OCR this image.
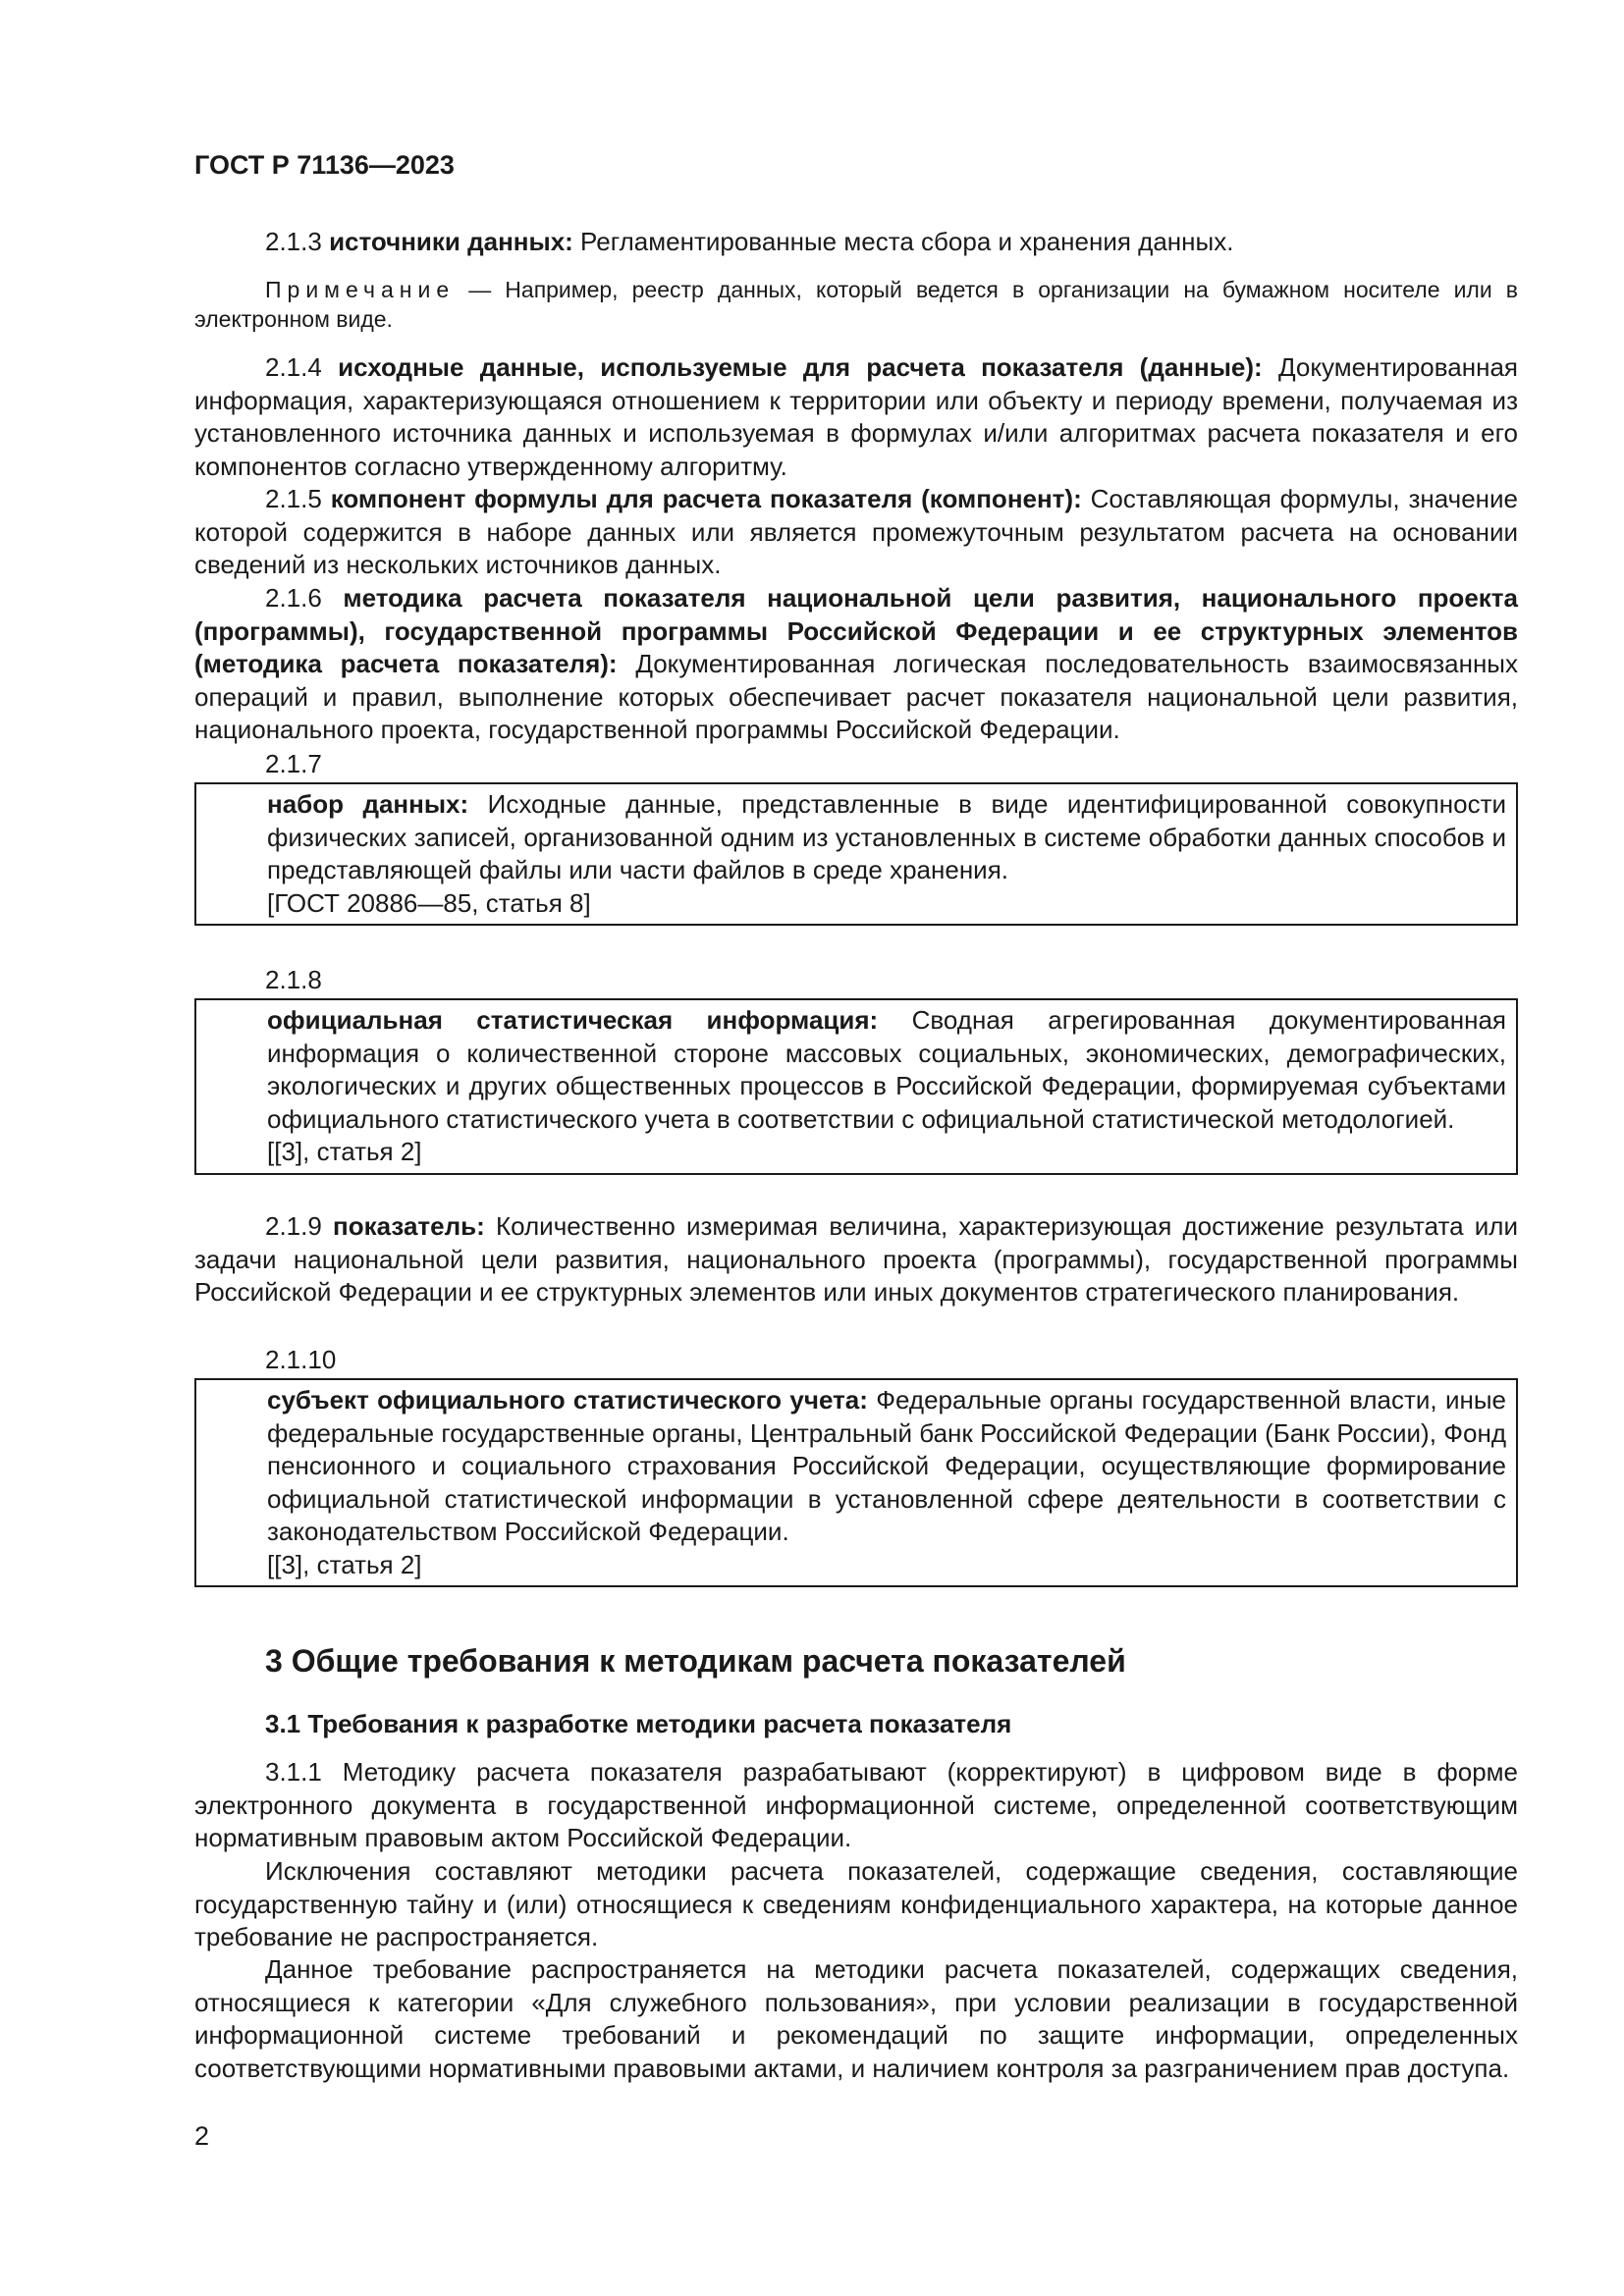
ГОСТ Р 71136—2023

2.1.3 источники данных: Регламентированные места сбора и хранения данных.

Примечание — Например, реестр данных, который ведется в организации на бумажном носителе или в электронном виде.

2.1.4 исходные данные, используемые для расчета показателя (данные): Документированная информация, характеризующаяся отношением к территории или объекту и периоду времени, получаемая из установленного источника данных и используемая в формулах и/или алгоритмах расчета показателя и его компонентов согласно утвержденному алгоритму.

2.1.5 компонент формулы для расчета показателя (компонент): Составляющая формулы, значение которой содержится в наборе данных или является промежуточным результатом расчета на основании сведений из нескольких источников данных.

2.1.6 методика расчета показателя национальной цели развития, национального проекта (программы), государственной программы Российской Федерации и ее структурных элементов (методика расчета показателя): Документированная логическая последовательность взаимосвязанных операций и правил, выполнение которых обеспечивает расчет показателя национальной цели развития, национального проекта, государственной программы Российской Федерации.

2.1.7

набор данных: Исходные данные, представленные в виде идентифицированной совокупности физических записей, организованной одним из установленных в системе обработки данных способов и представляющей файлы или части файлов в среде хранения.

[ГОСТ 20886—85, статья 8]

2.1.8

официальная статистическая информация: Сводная агрегированная документированная информация о количественной стороне массовых социальных, экономических, демографических, экологических и других общественных процессов в Российской Федерации, формируемая субъектами официального статистического учета в соответствии с официальной статистической методологией.

[[3], статья 2]

2.1.9 показатель: Количественно измеримая величина, характеризующая достижение результата или задачи национальной цели развития, национального проекта (программы), государственной программы Российской Федерации и ее структурных элементов или иных документов стратегического планирования.

2.1.10

субъект официального статистического учета: Федеральные органы государственной власти, иные федеральные государственные органы, Центральный банк Российской Федерации (Банк России), Фонд пенсионного и социального страхования Российской Федерации, осуществляющие формирование официальной статистической информации в установленной сфере деятельности в соответствии с законодательством Российской Федерации.

[[3], статья 2]

3 Общие требования к методикам расчета показателей
3.1 Требования к разработке методики расчета показателя

3.1.1 Методику расчета показателя разрабатывают (корректируют) в цифровом виде в форме электронного документа в государственной информационной системе, определенной соответствующим нормативным правовым актом Российской Федерации.

Исключения составляют методики расчета показателей, содержащие сведения, составляющие государственную тайну и (или) относящиеся к сведениям конфиденциального характера, на которые данное требование не распространяется.

Данное требование распространяется на методики расчета показателей, содержащих сведения, относящиеся к категории «Для служебного пользования», при условии реализации в государственной информационной системе требований и рекомендаций по защите информации, определенных соответствующими нормативными правовыми актами, и наличием контроля за разграничением прав доступа.

2
